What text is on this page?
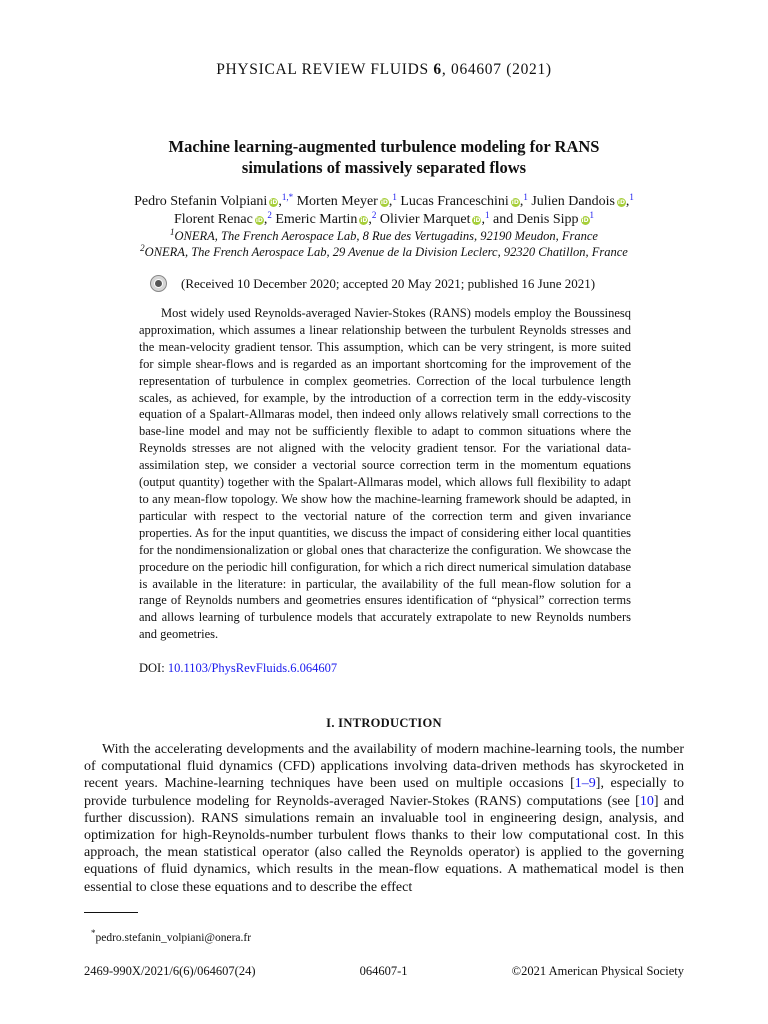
PHYSICAL REVIEW FLUIDS 6, 064607 (2021)
Machine learning-augmented turbulence modeling for RANS
simulations of massively separated flows
Pedro Stefanin Volpiani iD,$^{1,*}$ Morten Meyer iD,$^1$ Lucas Franceschini iD,$^1$ Julien Dandois iD,$^1$
Florent Renac iD,$^2$ Emeric Martin iD,$^2$ Olivier Marquet iD,$^1$ and Denis Sipp $iD^1$
$^1$ONERA, The French Aerospace Lab, 8 Rue des Vertugadins, 92190 Meudon, France
$^2$ONERA, The French Aerospace Lab, 29 Avenue de la Division Leclerc, 92320 Chatillon, France
(Received 10 December 2020; accepted 20 May 2021; published 16 June 2021)

Most widely used Reynolds-averaged Navier-Stokes (RANS) models employ the Boussinesq approximation, which assumes a linear relationship between the turbulent Reynolds stresses and the mean-velocity gradient tensor. This assumption, which can be very stringent, is more suited for simple shear-flows and is regarded as an important shortcoming for the improvement of the representation of turbulence in complex geometries. Correction of the local turbulence length scales, as achieved, for example, by the introduction of a correction term in the eddy-viscosity equation of a Spalart-Allmaras model, then indeed only allows relatively small corrections to the base-line model and may not be sufficiently flexible to adapt to common situations where the Reynolds stresses are not aligned with the velocity gradient tensor. For the variational data-assimilation step, we consider a vectorial source correction term in the momentum equations (output quantity) together with the Spalart-Allmaras model, which allows full flexibility to adapt to any mean-flow topology. We show how the machine-learning framework should be adapted, in particular with respect to the vectorial nature of the correction term and given invariance properties. As for the input quantities, we discuss the impact of considering either local quantities for the nondimensionalization or global ones that characterize the configuration. We showcase the procedure on the periodic hill configuration, for which a rich direct numerical simulation database is available in the literature: in particular, the availability of the full mean-flow solution for a range of Reynolds numbers and geometries ensures identification of “physical” correction terms and allows learning of turbulence models that accurately extrapolate to new Reynolds numbers and geometries.

DOI: 10.1103/PhysRevFluids.6.064607
I. INTRODUCTION

With the accelerating developments and the availability of modern machine-learning tools, the number of computational fluid dynamics (CFD) applications involving data-driven methods has skyrocketed in recent years. Machine-learning techniques have been used on multiple occasions [1–9], especially to provide turbulence modeling for Reynolds-averaged Navier-Stokes (RANS) computations (see [10] and further discussion). RANS simulations remain an invaluable tool in engineering design, analysis, and optimization for high-Reynolds-number turbulent flows thanks to their low computational cost. In this approach, the mean statistical operator (also called the Reynolds operator) is applied to the governing equations of fluid dynamics, which results in the mean-flow equations. A mathematical model is then essential to close these equations and to describe the effect

*pedro.stefanin_volpiani@onera.fr
2469-990X/2021/6(6)/064607(24)	064607-1	©2021 American Physical Society
